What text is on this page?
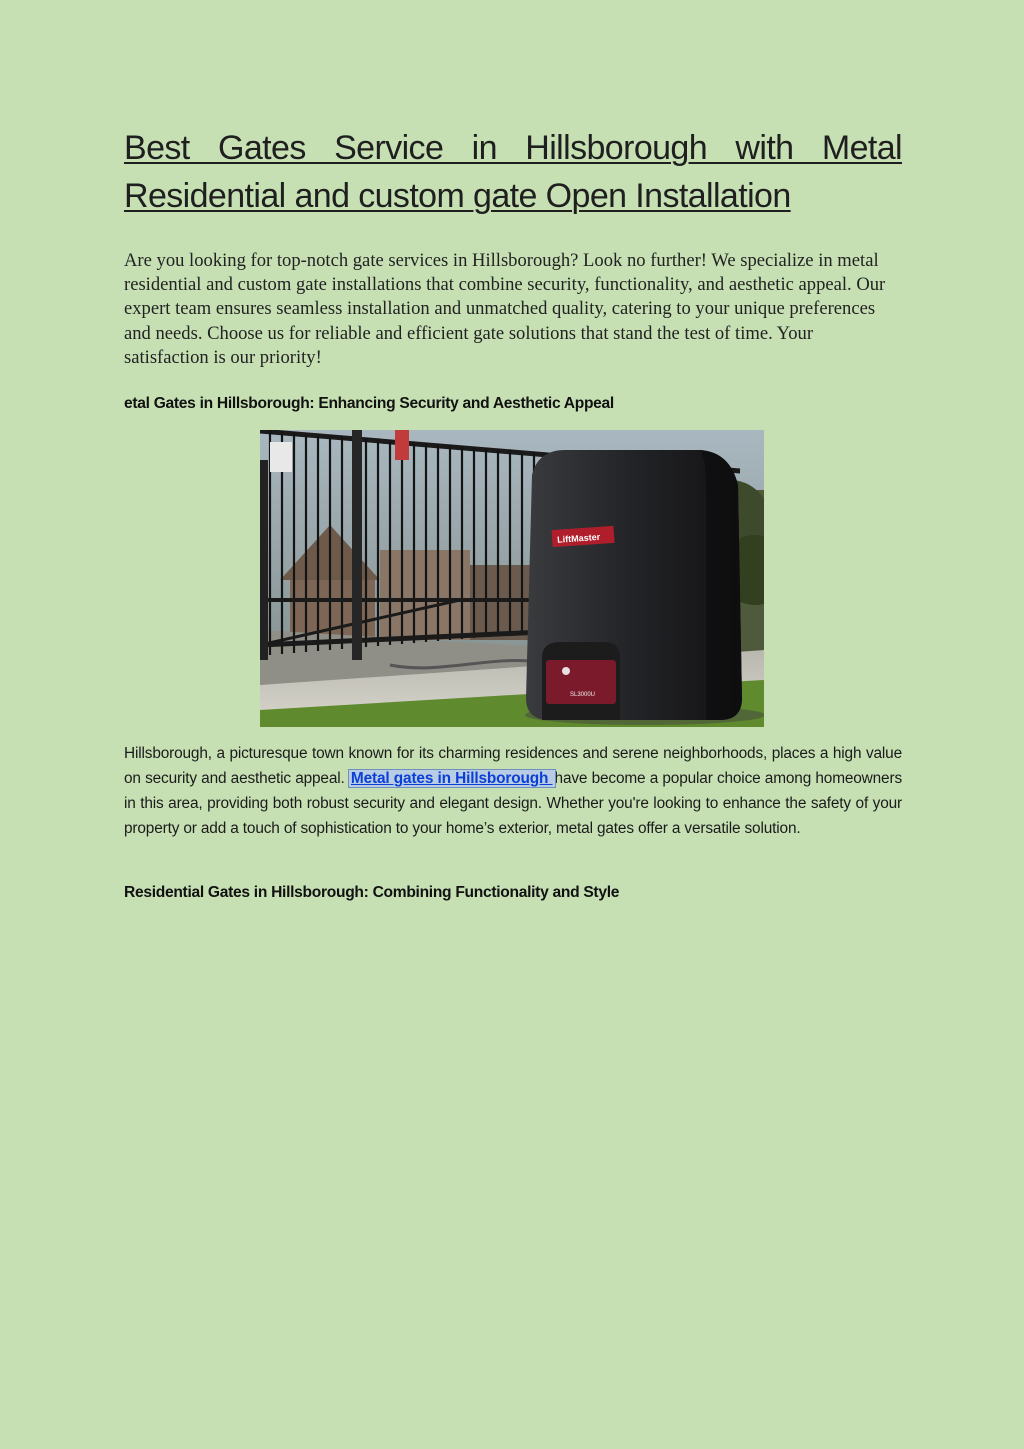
Best Gates Service in Hillsborough with Metal
Residential and custom gate Open Installation

Are you looking for top-notch gate services in Hillsborough? Look no further! We specialize in metal residential and custom gate installations that combine security, functionality, and aesthetic appeal. Our expert team ensures seamless installation and unmatched quality, catering to your unique preferences and needs. Choose us for reliable and efficient gate solutions that stand the test of time. Your satisfaction is our priority!

etal Gates in Hillsborough: Enhancing Security and Aesthetic Appeal
LiftMaster
SL3000U

Hillsborough, a picturesque town known for its charming residences and serene neighborhoods, places a high value on security and aesthetic appeal. Metal gates in Hillsborough have become a popular choice among homeowners in this area, providing both robust security and elegant design. Whether you're looking to enhance the safety of your property or add a touch of sophistication to your home’s exterior, metal gates offer a versatile solution.

Residential Gates in Hillsborough: Combining Functionality and Style
